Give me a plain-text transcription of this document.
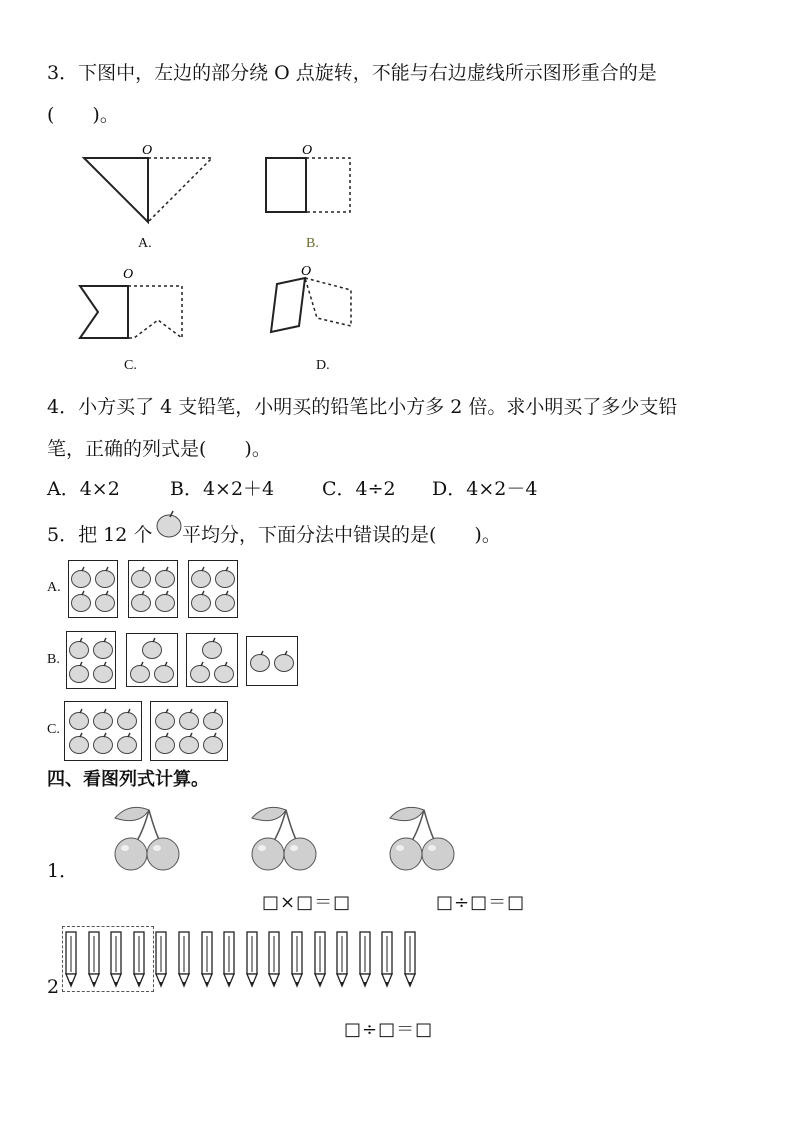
3．下图中，左边的部分绕 O 点旋转，不能与右边虚线所示图形重合的是
(　　)。
O
A.
O
B.
O
C.
O
D.
4．小方买了 4 支铅笔，小明买的铅笔比小方多 2 倍。求小明买了多少支铅
笔，正确的列式是(　　)。
A．4×2	B．4×2＋4	C．4÷2 D．4×2－4
5．把 12 个 平均分，下面分法中错误的是(　　)。
A.
B.
C.
四、看图列式计算。
1．
□×□＝□	□÷□＝□
2
□÷□＝□
